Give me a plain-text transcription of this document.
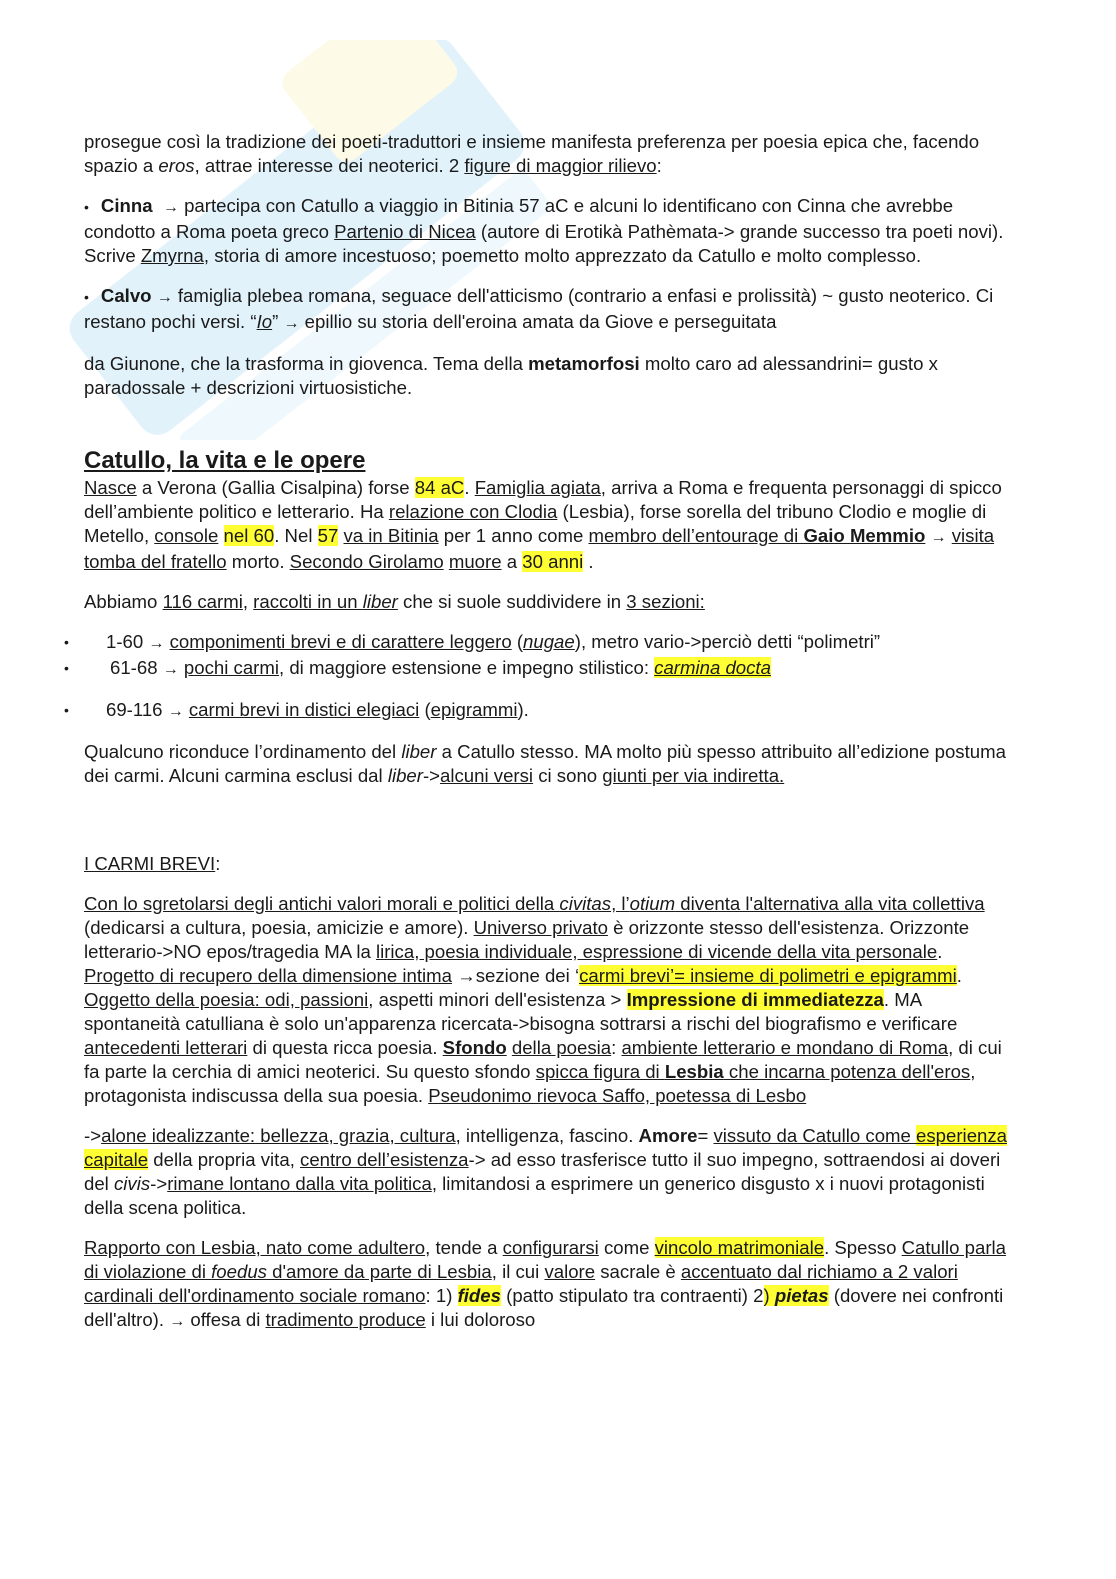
prosegue così la tradizione dei poeti-traduttori e insieme manifesta preferenza per poesia epica che, facendo spazio a eros, attrae interesse dei neoterici. 2 figure di maggior rilievo:

• Cinna → partecipa con Catullo a viaggio in Bitinia 57 aC e alcuni lo identificano con Cinna che avrebbe condotto a Roma poeta greco Partenio di Nicea (autore di Erotikà Pathèmata-> grande successo tra poeti novi). Scrive Zmyrna, storia di amore incestuoso; poemetto molto apprezzato da Catullo e molto complesso.

• Calvo → famiglia plebea romana, seguace dell'atticismo (contrario a enfasi e prolissità) ~ gusto neoterico. Ci restano pochi versi. “Io” → epillio su storia dell'eroina amata da Giove e perseguitata

da Giunone, che la trasforma in giovenca. Tema della metamorfosi molto caro ad alessandrini= gusto x paradossale + descrizioni virtuosistiche.

Catullo, la vita e le opere

Nasce a Verona (Gallia Cisalpina) forse 84 aC. Famiglia agiata, arriva a Roma e frequenta personaggi di spicco dell’ambiente politico e letterario. Ha relazione con Clodia (Lesbia), forse sorella del tribuno Clodio e moglie di Metello, console nel 60. Nel 57 va in Bitinia per 1 anno come membro dell’entourage di Gaio Memmio → visita tomba del fratello morto. Secondo Girolamo muore a 30 anni .

Abbiamo 116 carmi, raccolti in un liber che si suole suddividere in 3 sezioni:

• 1-60 → componimenti brevi e di carattere leggero (nugae), metro vario->perciò detti “polimetri”
• 61-68 → pochi carmi, di maggiore estensione e impegno stilistico: carmina docta
• 69-116 → carmi brevi in distici elegiaci (epigrammi).

Qualcuno riconduce l’ordinamento del liber a Catullo stesso. MA molto più spesso attribuito all’edizione postuma dei carmi. Alcuni carmina esclusi dal liber->alcuni versi ci sono giunti per via indiretta.

I CARMI BREVI:

Con lo sgretolarsi degli antichi valori morali e politici della civitas, l’otium diventa l'alternativa alla vita collettiva (dedicarsi a cultura, poesia, amicizie e amore). Universo privato è orizzonte stesso dell'esistenza. Orizzonte letterario->NO epos/tragedia MA la lirica, poesia individuale, espressione di vicende della vita personale. Progetto di recupero della dimensione intima →sezione dei ‘carmi brevi’= insieme di polimetri e epigrammi. Oggetto della poesia: odi, passioni, aspetti minori dell'esistenza > Impressione di immediatezza. MA spontaneità catulliana è solo un'apparenza ricercata->bisogna sottrarsi a rischi del biografismo e verificare antecedenti letterari di questa ricca poesia. Sfondo della poesia: ambiente letterario e mondano di Roma, di cui fa parte la cerchia di amici neoterici. Su questo sfondo spicca figura di Lesbia che incarna potenza dell'eros, protagonista indiscussa della sua poesia. Pseudonimo rievoca Saffo, poetessa di Lesbo

->alone idealizzante: bellezza, grazia, cultura, intelligenza, fascino. Amore= vissuto da Catullo come esperienza capitale della propria vita, centro dell’esistenza-> ad esso trasferisce tutto il suo impegno, sottraendosi ai doveri del civis->rimane lontano dalla vita politica, limitandosi a esprimere un generico disgusto x i nuovi protagonisti della scena politica.

Rapporto con Lesbia, nato come adultero, tende a configurarsi come vincolo matrimoniale. Spesso Catullo parla di violazione di foedus d'amore da parte di Lesbia, il cui valore sacrale è accentuato dal richiamo a 2 valori cardinali dell'ordinamento sociale romano: 1) fides (patto stipulato tra contraenti) 2) pietas (dovere nei confronti dell'altro). → offesa di tradimento produce i lui doloroso
